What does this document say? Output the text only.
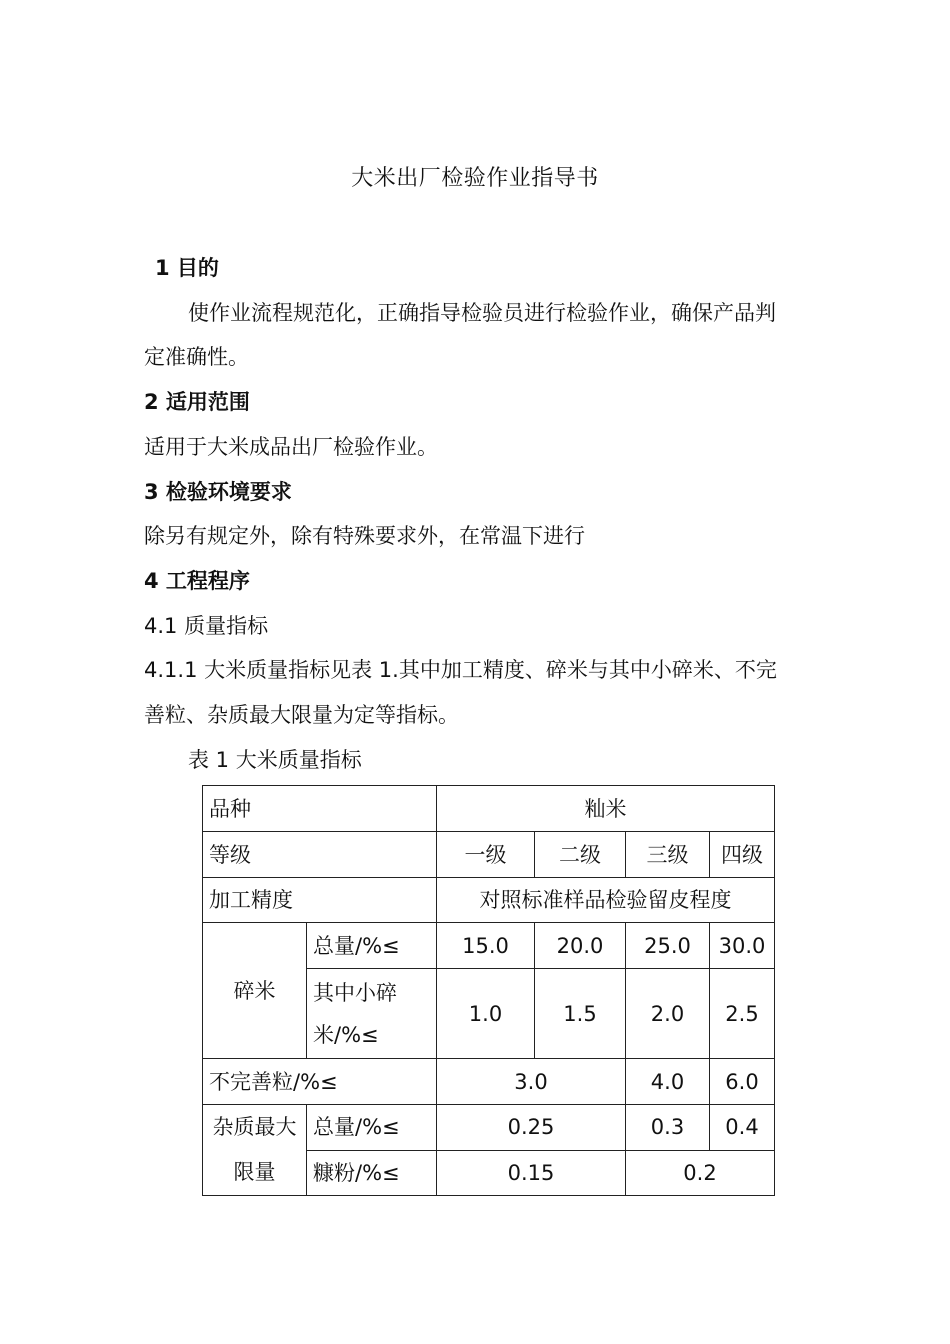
大米出厂检验作业指导书
1 目的
使作业流程规范化，正确指导检验员进行检验作业，确保产品判
定准确性。
2 适用范围
适用于大米成品出厂检验作业。
3 检验环境要求
除另有规定外，除有特殊要求外，在常温下进行
4 工程程序
4.1 质量指标
4.1.1 大米质量指标见表 1.其中加工精度、碎米与其中小碎米、不完
善粒、杂质最大限量为定等指标。
表 1 大米质量指标
品种		籼米			
等级		一级	二级	三级	四级
加工精度		对照标准样品检验留皮程度			
碎米	总量/%≤	15.0	20.0	25.0	30.0
	其中小碎米/%≤	1.0	1.5	2.0	2.5
不完善粒/%≤		3.0		4.0	6.0
杂质最大限量	总量/%≤	0.25		0.3	0.4
	糠粉/%≤	0.15		0.2	
